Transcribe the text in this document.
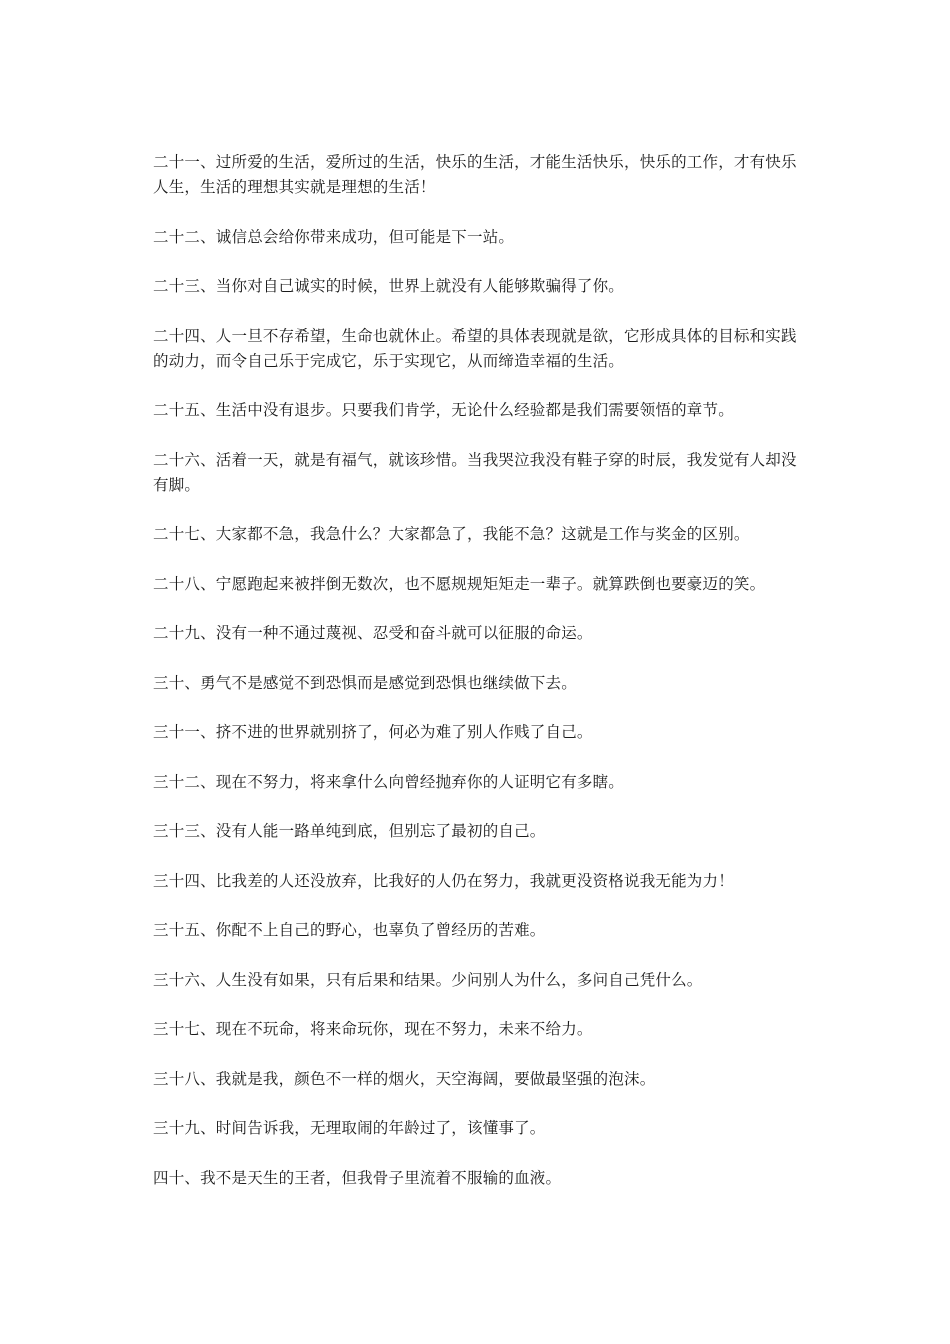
二十一、过所爱的生活，爱所过的生活，快乐的生活，才能生活快乐，快乐的工作，才有快乐人生，生活的理想其实就是理想的生活！

二十二、诚信总会给你带来成功，但可能是下一站。

二十三、当你对自己诚实的时候，世界上就没有人能够欺骗得了你。

二十四、人一旦不存希望，生命也就休止。希望的具体表现就是欲，它形成具体的目标和实践的动力，而令自己乐于完成它，乐于实现它，从而缔造幸福的生活。

二十五、生活中没有退步。只要我们肯学，无论什么经验都是我们需要领悟的章节。

二十六、活着一天，就是有福气，就该珍惜。当我哭泣我没有鞋子穿的时辰，我发觉有人却没有脚。

二十七、大家都不急，我急什么？大家都急了，我能不急？这就是工作与奖金的区别。

二十八、宁愿跑起来被拌倒无数次，也不愿规规矩矩走一辈子。就算跌倒也要豪迈的笑。

二十九、没有一种不通过蔑视、忍受和奋斗就可以征服的命运。

三十、勇气不是感觉不到恐惧而是感觉到恐惧也继续做下去。

三十一、挤不进的世界就别挤了，何必为难了别人作贱了自己。

三十二、现在不努力，将来拿什么向曾经抛弃你的人证明它有多瞎。

三十三、没有人能一路单纯到底，但别忘了最初的自己。

三十四、比我差的人还没放弃，比我好的人仍在努力，我就更没资格说我无能为力！

三十五、你配不上自己的野心，也辜负了曾经历的苦难。

三十六、人生没有如果，只有后果和结果。少问别人为什么，多问自己凭什么。

三十七、现在不玩命，将来命玩你，现在不努力，未来不给力。

三十八、我就是我，颜色不一样的烟火，天空海阔，要做最坚强的泡沫。

三十九、时间告诉我，无理取闹的年龄过了，该懂事了。

四十、我不是天生的王者，但我骨子里流着不服输的血液。
